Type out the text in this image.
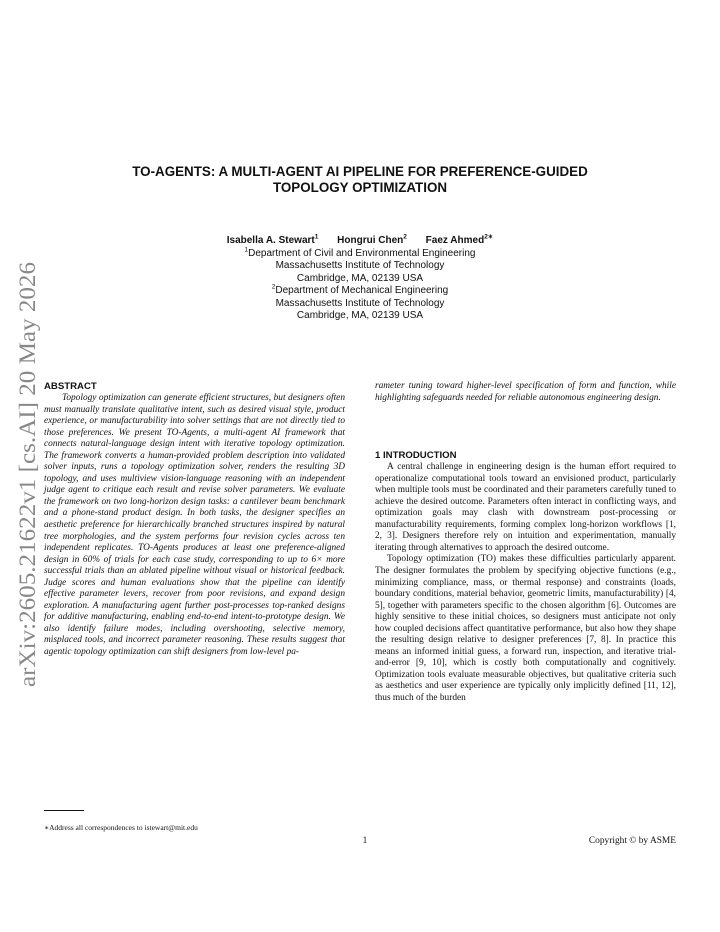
TO-AGENTS: A MULTI-AGENT AI PIPELINE FOR PREFERENCE-GUIDED
TOPOLOGY OPTIMIZATION
Isabella A. Stewart$^1$ Hongrui Chen$^2$ Faez Ahmed$^{2∗}$
$^1$Department of Civil and Environmental Engineering
Massachusetts Institute of Technology
Cambridge, MA, 02139 USA
$^2$Department of Mechanical Engineering
Massachusetts Institute of Technology
Cambridge, MA, 02139 USA
arXiv:2605.21622v1 [cs.AI] 20 May 2026 ABSTRACT

Topology optimization can generate efficient structures, but designers often must manually translate qualitative intent, such as desired visual style, product experience, or manufacturability into solver settings that are not directly tied to those preferences. We present TO-Agents, a multi-agent AI framework that connects natural-language design intent with iterative topology optimization. The framework converts a human-provided problem description into validated solver inputs, runs a topology optimization solver, renders the resulting 3D topology, and uses multiview vision-language reasoning with an independent judge agent to critique each result and revise solver parameters. We evaluate the framework on two long-horizon design tasks: a cantilever beam benchmark and a phone-stand product design. In both tasks, the designer specifies an aesthetic preference for hierarchically branched structures inspired by natural tree morphologies, and the system performs four revision cycles across ten independent replicates. TO-Agents produces at least one preference-aligned design in 60% of trials for each case study, corresponding to up to 6× more successful trials than an ablated pipeline without visual or historical feedback. Judge scores and human evaluations show that the pipeline can identify effective parameter levers, recover from poor revisions, and expand design exploration. A manufacturing agent further post-processes top-ranked designs for additive manufacturing, enabling end-to-end intent-to-prototype design. We also identify failure modes, including overshooting, selective memory, misplaced tools, and incorrect parameter reasoning. These results suggest that agentic topology optimization can shift designers from low-level pa-

rameter tuning toward higher-level specification of form and function, while highlighting safeguards needed for reliable autonomous engineering design.

1 INTRODUCTION

A central challenge in engineering design is the human effort required to operationalize computational tools toward an envisioned product, particularly when multiple tools must be coordinated and their parameters carefully tuned to achieve the desired outcome. Parameters often interact in conflicting ways, and optimization goals may clash with downstream post-processing or manufacturability requirements, forming complex long-horizon workflows [1, 2, 3]. Designers therefore rely on intuition and experimentation, manually iterating through alternatives to approach the desired outcome.

Topology optimization (TO) makes these difficulties particularly apparent. The designer formulates the problem by specifying objective functions (e.g., minimizing compliance, mass, or thermal response) and constraints (loads, boundary conditions, material behavior, geometric limits, manufacturability) [4, 5], together with parameters specific to the chosen algorithm [6]. Outcomes are highly sensitive to these initial choices, so designers must anticipate not only how coupled decisions affect quantitative performance, but also how they shape the resulting design relative to designer preferences [7, 8]. In practice this means an informed initial guess, a forward run, inspection, and iterative trial-and-error [9, 10], which is costly both computationally and cognitively. Optimization tools evaluate measurable objectives, but qualitative criteria such as aesthetics and user experience are typically only implicitly defined [11, 12], thus much of the burden

∗Address all correspondences to istewart@mit.edu
1	Copyright © by ASME
